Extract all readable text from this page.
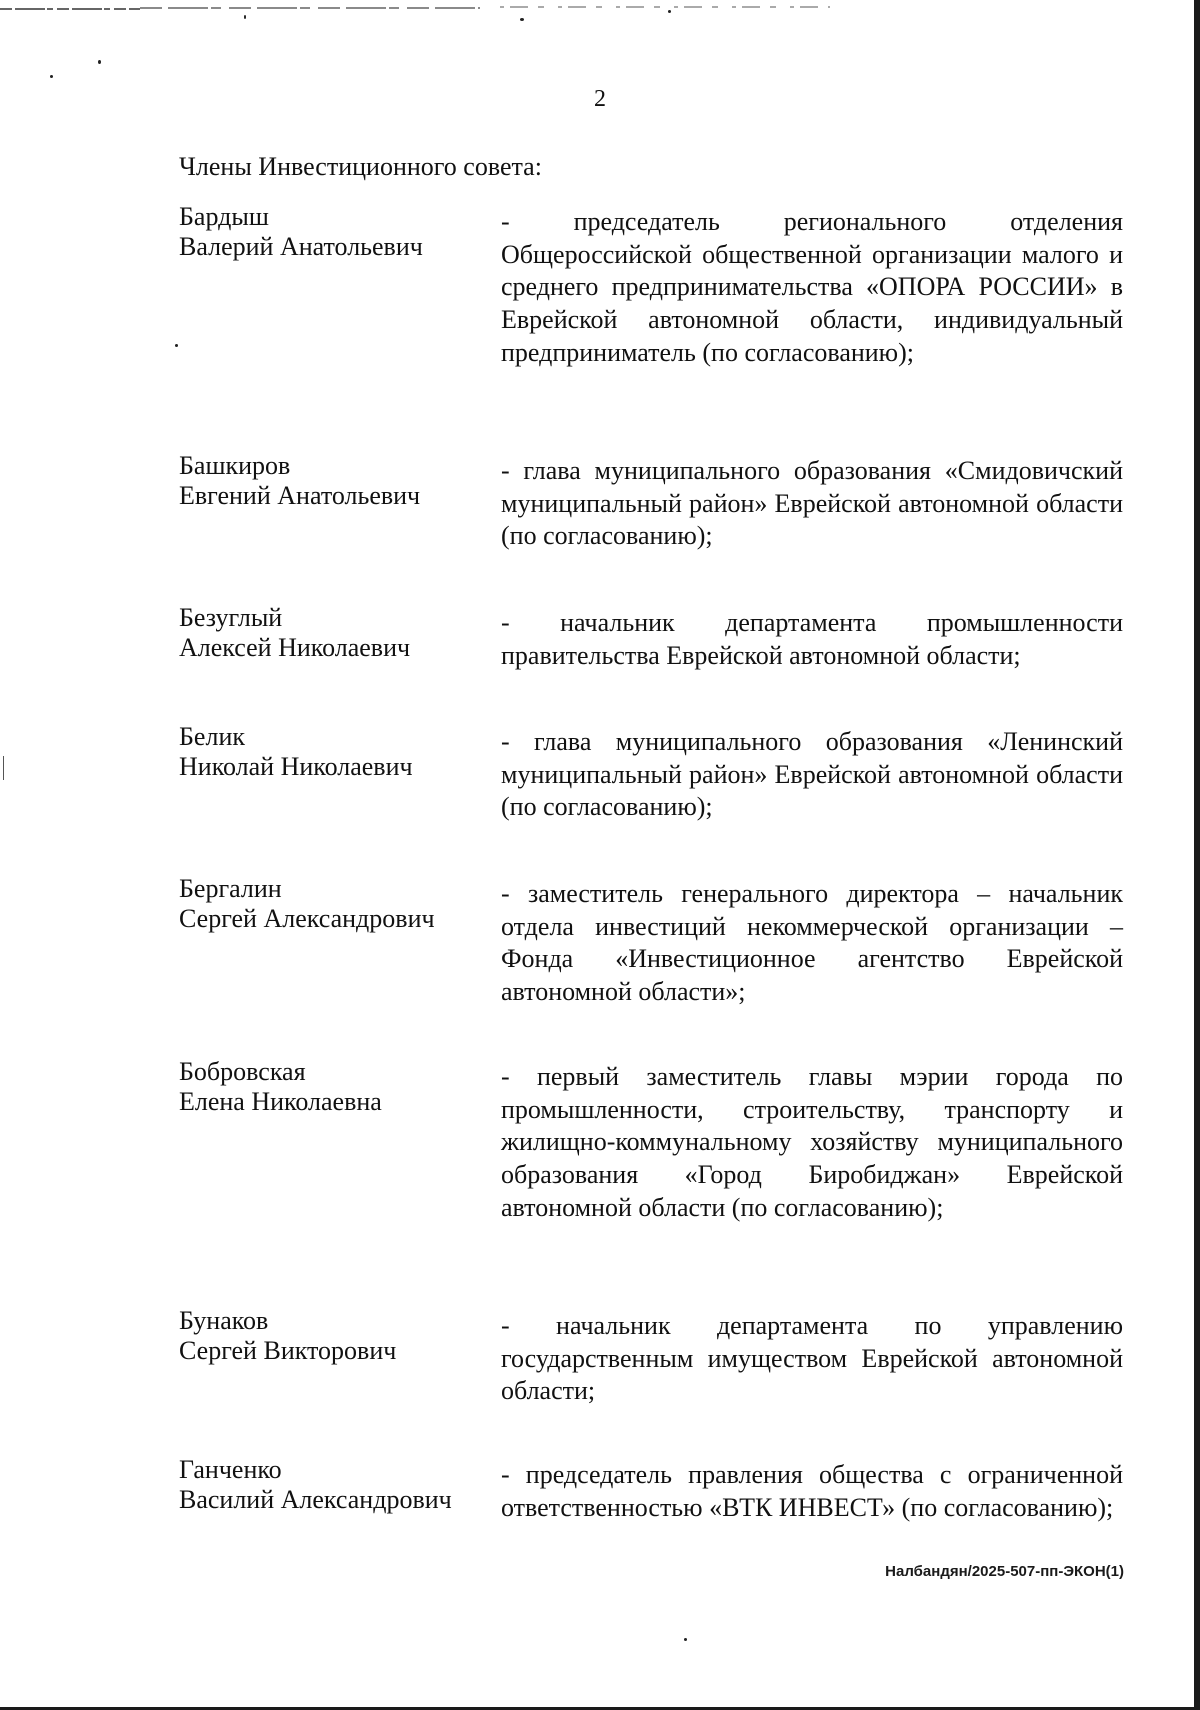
2
Члены Инвестиционного совета:
Бардыш
Валерий Анатольевич
- председатель регионального отделения Общероссийской общественной организации малого и среднего предпринимательства «ОПОРА РОССИИ» в Еврейской автономной области, индивидуальный предприниматель (по согласованию);
Башкиров
Евгений Анатольевич
- глава муниципального образования «Смидовичский муниципальный район» Еврейской автономной области (по согласованию);
Безуглый
Алексей Николаевич
- начальник департамента промышленности правительства Еврейской автономной области;
Белик
Николай Николаевич
- глава муниципального образования «Ленинский муниципальный район» Еврейской автономной области (по согласованию);
Бергалин
Сергей Александрович
- заместитель генерального директора – начальник отдела инвестиций некоммерческой организации – Фонда «Инвестиционное агентство Еврейской автономной области»;
Бобровская
Елена Николаевна
- первый заместитель главы мэрии города по промышленности, строительству, транспорту и жилищно-коммунальному хозяйству муниципального образования «Город Биробиджан» Еврейской автономной области (по согласованию);
Бунаков
Сергей Викторович
- начальник департамента по управлению государственным имуществом Еврейской автономной области;
Ганченко
Василий Александрович
- председатель правления общества с ограниченной ответственностью «ВТК ИНВЕСТ» (по согласованию);
Налбандян/2025-507-пп-ЭКОН(1)
